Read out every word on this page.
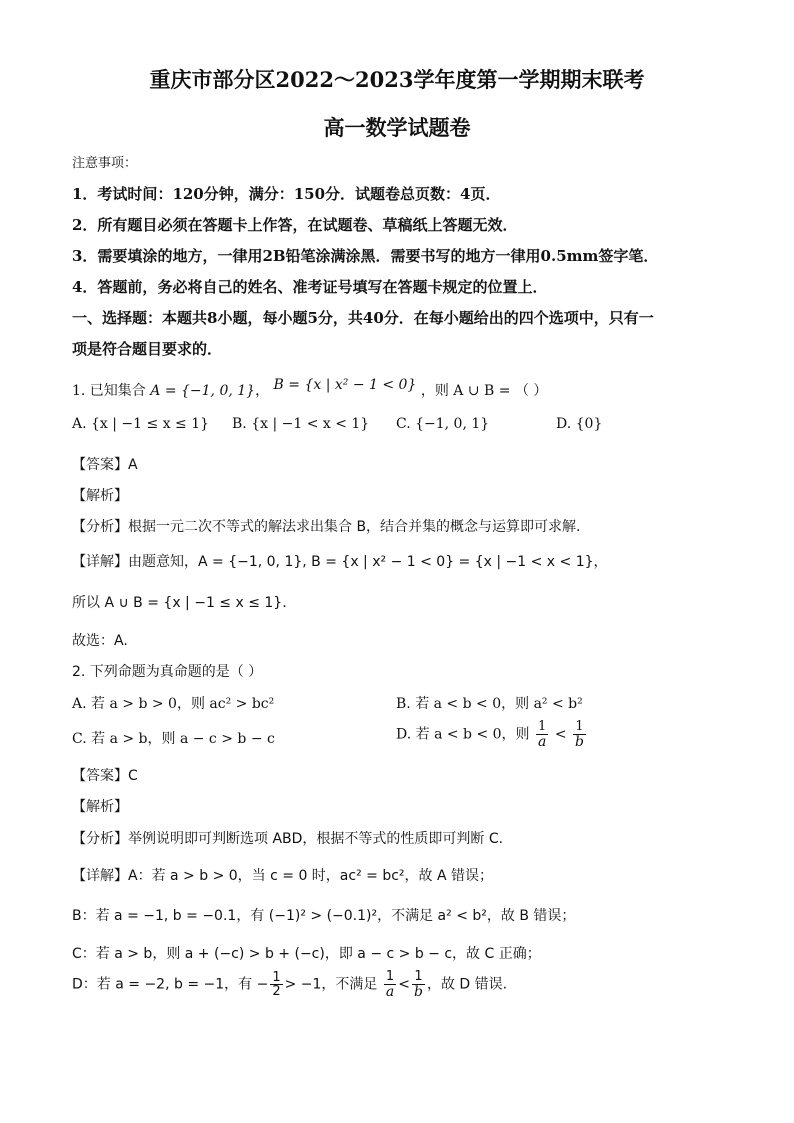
重庆市部分区2022～2023学年度第一学期期末联考
高一数学试题卷
注意事项：
1．考试时间：120分钟，满分：150分．试题卷总页数：4页．
2．所有题目必须在答题卡上作答，在试题卷、草稿纸上答题无效．
3．需要填涂的地方，一律用2B铅笔涂满涂黑．需要书写的地方一律用0.5mm签字笔．
4．答题前，务必将自己的姓名、准考证号填写在答题卡规定的位置上．
一、选择题：本题共8小题，每小题5分，共40分．在每小题给出的四个选项中，只有一
项是符合题目要求的．
1. 已知集合 A = {−1, 0, 1}， B = {x | x² − 1 < 0} ，则 A ∪ B = （ ）
A. {x | −1 ≤ x ≤ 1} B. {x | −1 < x < 1} C. {−1, 0, 1}	D. {0}
【答案】A
【解析】
【分析】根据一元二次不等式的解法求出集合 B，结合并集的概念与运算即可求解.
【详解】由题意知，A = {−1, 0, 1}, B = {x | x² − 1 < 0} = {x | −1 < x < 1}，
所以 A ∪ B = {x | −1 ≤ x ≤ 1}.
故选：A.
2. 下列命题为真命题的是（ ）
A. 若 a > b > 0，则 ac² > bc²	B. 若 a < b < 0，则 a² < b²
C. 若 a > b，则 a − c > b − c	D. 若 a < b < 0，则 $\frac{1}{a} < \frac{1}{b}$
【答案】C
【解析】
【分析】举例说明即可判断选项 ABD，根据不等式的性质即可判断 C.
【详解】A：若 a > b > 0，当 c = 0 时，ac² = bc²，故 A 错误；
B：若 a = −1, b = −0.1，有 (−1)² > (−0.1)²，不满足 a² < b²，故 B 错误；
C：若 a > b，则 a + (−c) > b + (−c)，即 a − c > b − c，故 C 正确；
D：若 a = −2, b = −1，有 − $\frac{1}{2} > -1$，不满足 $\frac{1}{a} < \frac{1}{b}$ ，故 D 错误.
